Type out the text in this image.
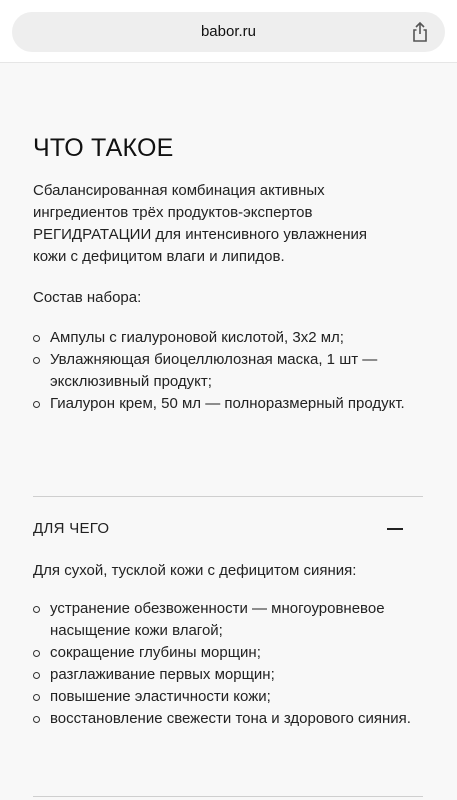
babor.ru
ЧТО ТАКОЕ
Сбалансированная комбинация активных ингредиентов трёх продуктов-экспертов РЕГИДРАТАЦИИ для интенсивного увлажнения кожи с дефицитом влаги и липидов.
Состав набора:
Ампулы с гиалуроновой кислотой, 3x2 мл;
Увлажняющая биоцеллюлозная маска, 1 шт — эксклюзивный продукт;
Гиалурон крем, 50 мл — полноразмерный продукт.
ДЛЯ ЧЕГО
Для сухой, тусклой кожи с дефицитом сияния:
устранение обезвоженности — многоуровневое насыщение кожи влагой;
сокращение глубины морщин;
разглаживание первых морщин;
повышение эластичности кожи;
восстановление свежести тона и здорового сияния.
